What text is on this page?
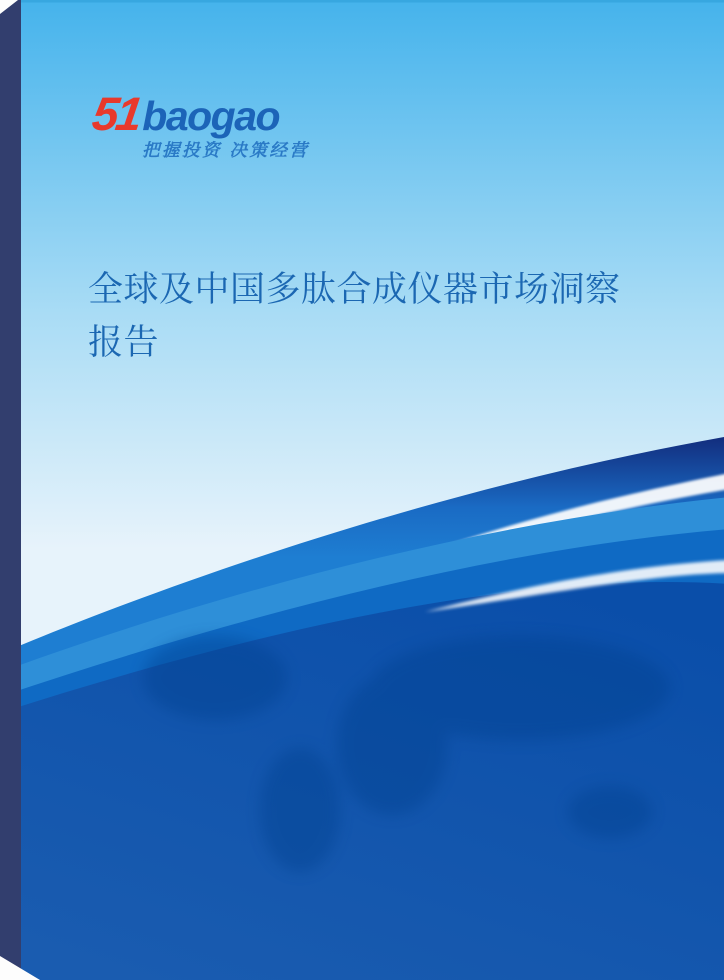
51 baogao
把握投资 决策经营
全球及中国多肽合成仪器市场洞察报告
